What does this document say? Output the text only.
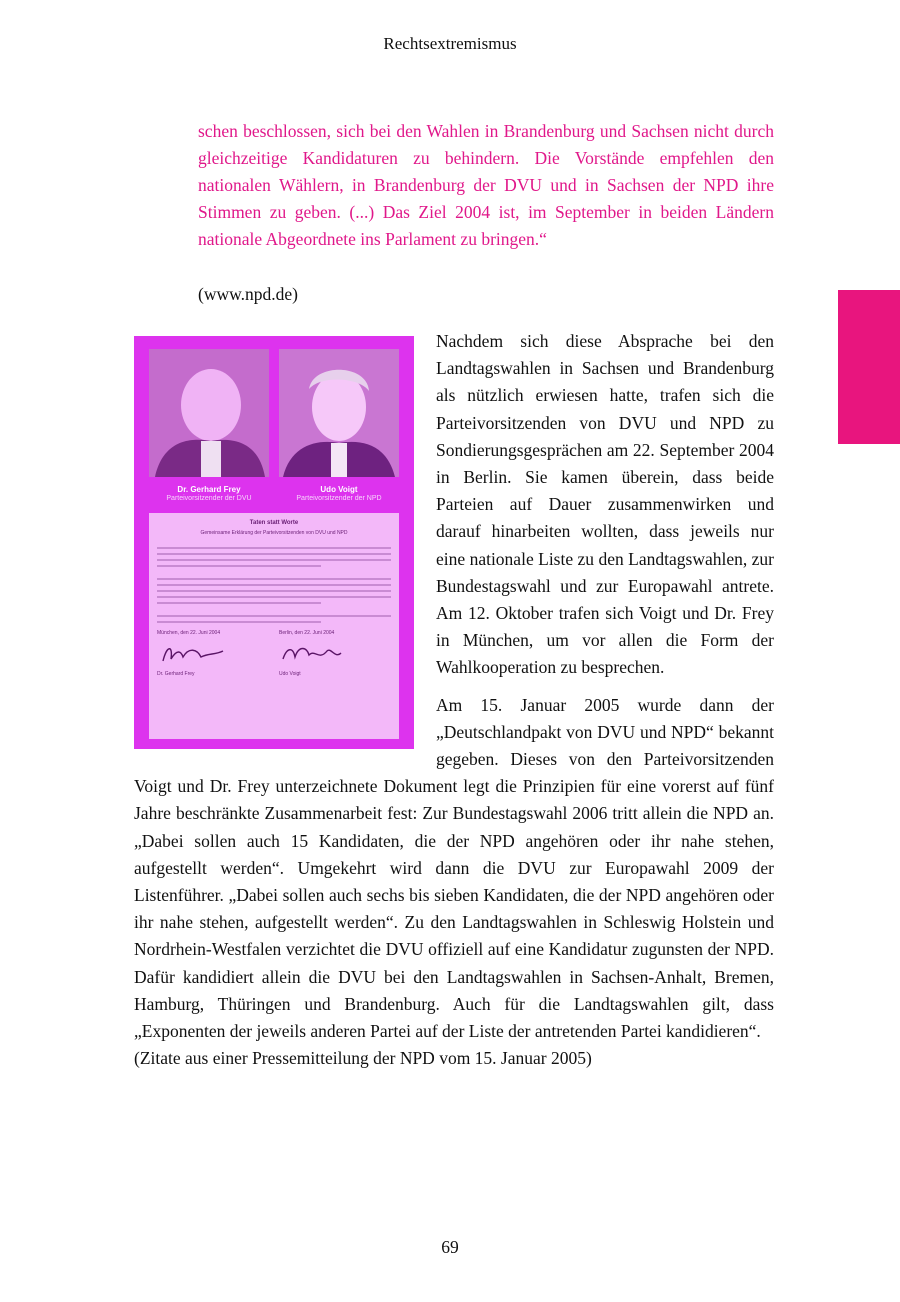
Rechtsextremismus

schen beschlossen, sich bei den Wahlen in Brandenburg und Sachsen nicht durch gleichzeitige Kandidaturen zu behindern. Die Vorstände empfehlen den nationalen Wählern, in Brandenburg der DVU und in Sachsen der NPD ihre Stimmen zu geben. (...) Das Ziel 2004 ist, im September in beiden Ländern nationale Abgeordnete ins Parlament zu bringen.“

(www.npd.de)

Dr. Gerhard Frey
Parteivorsitzender der DVU
Udo Voigt
Parteivorsitzender der NPD
Taten statt Worte
Gemeinsame Erklärung der Parteivorsitzenden von DVU und NPD
München, den 22. Juni 2004
Dr. Gerhard Frey
Berlin, den 22. Juni 2004
Udo Voigt

Nachdem sich diese Absprache bei den Landtagswahlen in Sachsen und Brandenburg als nützlich erwiesen hatte, trafen sich die Parteivorsitzenden von DVU und NPD zu Sondierungsgesprächen am 22. September 2004 in Berlin. Sie kamen überein, dass beide Parteien auf Dauer zusammenwirken und darauf hinarbeiten wollten, dass jeweils nur eine nationale Liste zu den Landtagswahlen, zur Bundestagswahl und zur Europawahl antrete. Am 12. Oktober trafen sich Voigt und Dr. Frey in München, um vor allen die Form der Wahlkooperation zu besprechen.

Am 15. Januar 2005 wurde dann der „Deutschlandpakt von DVU und NPD“ bekannt gegeben. Dieses von den Parteivorsitzenden Voigt und Dr. Frey unterzeichnete Dokument legt die Prinzipien für eine vorerst auf fünf Jahre beschränkte Zusammenarbeit fest: Zur Bundestagswahl 2006 tritt allein die NPD an. „Dabei sollen auch 15 Kandidaten, die der NPD angehören oder ihr nahe stehen, aufgestellt werden“. Umgekehrt wird dann die DVU zur Europawahl 2009 der Listenführer. „Dabei sollen auch sechs bis sieben Kandidaten, die der NPD angehören oder ihr nahe stehen, aufgestellt werden“. Zu den Landtagswahlen in Schleswig Holstein und Nordrhein-Westfalen verzichtet die DVU offiziell auf eine Kandidatur zugunsten der NPD. Dafür kandidiert allein die DVU bei den Landtagswahlen in Sachsen-Anhalt, Bremen, Hamburg, Thüringen und Brandenburg. Auch für die Landtagswahlen gilt, dass „Exponenten der jeweils anderen Partei auf der Liste der antretenden Partei kandidieren“.

(Zitate aus einer Pressemitteilung der NPD vom 15. Januar 2005)

69
